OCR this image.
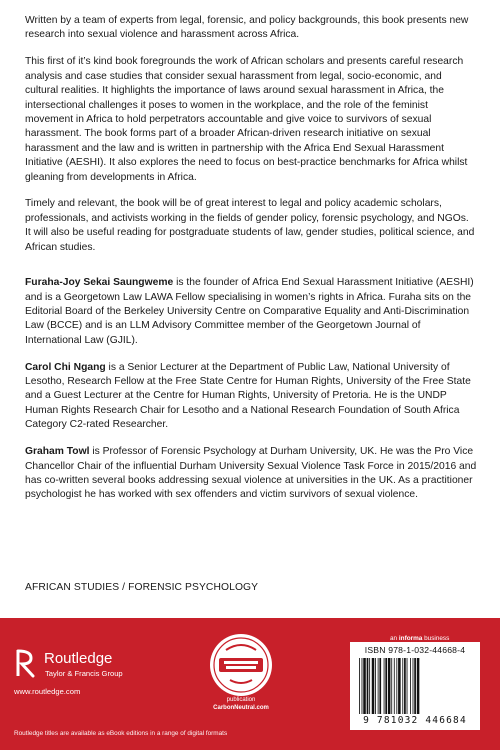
Written by a team of experts from legal, forensic, and policy backgrounds, this book presents new research into sexual violence and harassment across Africa.

This first of it’s kind book foregrounds the work of African scholars and presents careful research analysis and case studies that consider sexual harassment from legal, socio-economic, and cultural realities. It highlights the importance of laws around sexual harassment in Africa, the intersectional challenges it poses to women in the workplace, and the role of the feminist movement in Africa to hold perpetrators accountable and give voice to survivors of sexual harassment. The book forms part of a broader African-driven research initiative on sexual harassment and the law and is written in partnership with the Africa End Sexual Harassment Initiative (AESHI). It also explores the need to focus on best-practice benchmarks for Africa whilst gleaning from developments in Africa.

Timely and relevant, the book will be of great interest to legal and policy academic scholars, professionals, and activists working in the fields of gender policy, forensic psychology, and NGOs. It will also be useful reading for postgraduate students of law, gender studies, political science, and African studies.

Furaha-Joy Sekai Saungweme is the founder of Africa End Sexual Harassment Initiative (AESHI) and is a Georgetown Law LAWA Fellow specialising in women’s rights in Africa. Furaha sits on the Editorial Board of the Berkeley University Centre on Comparative Equality and Anti-Discrimination Law (BCCE) and is an LLM Advisory Committee member of the Georgetown Journal of International Law (GJIL).

Carol Chi Ngang is a Senior Lecturer at the Department of Public Law, National University of Lesotho, Research Fellow at the Free State Centre for Human Rights, University of the Free State and a Guest Lecturer at the Centre for Human Rights, University of Pretoria. He is the UNDP Human Rights Research Chair for Lesotho and a National Research Foundation of South Africa Category C2-rated Researcher.

Graham Towl is Professor of Forensic Psychology at Durham University, UK. He was the Pro Vice Chancellor Chair of the influential Durham University Sexual Violence Task Force in 2015/2016 and has co-written several books addressing sexual violence at universities in the UK. As a practitioner psychologist he has worked with sex offenders and victim survivors of sexual violence.

AFRICAN STUDIES / FORENSIC PSYCHOLOGY
Routledge
Taylor & Francis Group
www.routledge.com
publication
CarbonNeutral.com
an informa business
ISBN 978-1-032-44668-4
9 781032 446684
Routledge titles are available as eBook editions in a range of digital formats
